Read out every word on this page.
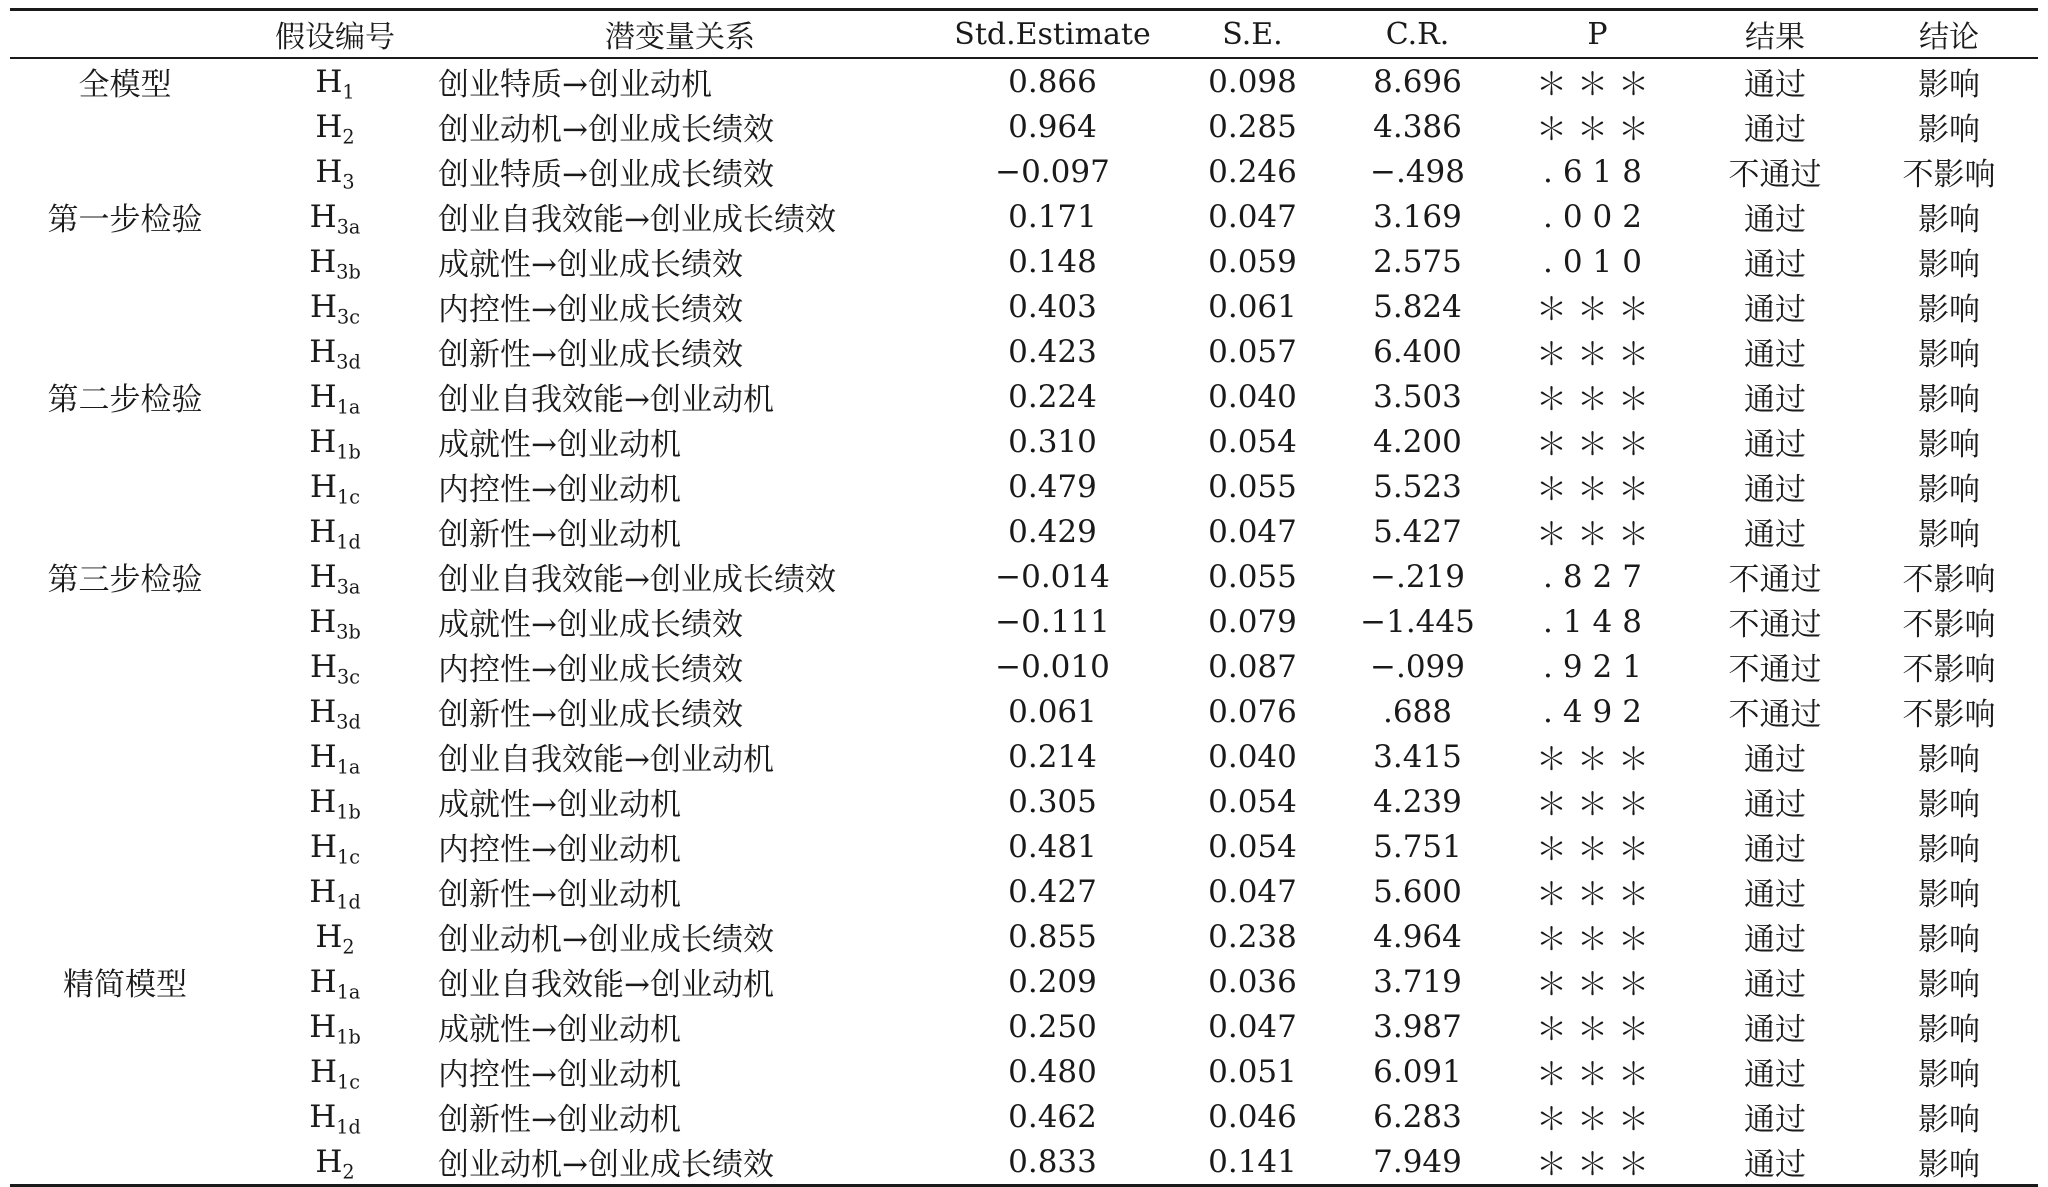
	假设编号	潜变量关系	Std.Estimate	S.E.	C.R.	P	结果	结论
全模型	$H_1$	创业特质→创业动机	0.866	0.098	8.696	＊＊＊	通过	影响
	$H_2$	创业动机→创业成长绩效	0.964	0.285	4.386	＊＊＊	通过	影响
	$H_3$	创业特质→创业成长绩效	−0.097	0.246	−.498	.618	不通过	不影响
第一步检验	$H_{3a}$	创业自我效能→创业成长绩效	0.171	0.047	3.169	.002	通过	影响
	$H_{3b}$	成就性→创业成长绩效	0.148	0.059	2.575	.010	通过	影响
	$H_{3c}$	内控性→创业成长绩效	0.403	0.061	5.824	＊＊＊	通过	影响
	$H_{3d}$	创新性→创业成长绩效	0.423	0.057	6.400	＊＊＊	通过	影响
第二步检验	$H_{1a}$	创业自我效能→创业动机	0.224	0.040	3.503	＊＊＊	通过	影响
	$H_{1b}$	成就性→创业动机	0.310	0.054	4.200	＊＊＊	通过	影响
	$H_{1c}$	内控性→创业动机	0.479	0.055	5.523	＊＊＊	通过	影响
	$H_{1d}$	创新性→创业动机	0.429	0.047	5.427	＊＊＊	通过	影响
第三步检验	$H_{3a}$	创业自我效能→创业成长绩效	−0.014	0.055	−.219	.827	不通过	不影响
	$H_{3b}$	成就性→创业成长绩效	−0.111	0.079	−1.445	.148	不通过	不影响
	$H_{3c}$	内控性→创业成长绩效	−0.010	0.087	−.099	.921	不通过	不影响
	$H_{3d}$	创新性→创业成长绩效	0.061	0.076	.688	.492	不通过	不影响
	$H_{1a}$	创业自我效能→创业动机	0.214	0.040	3.415	＊＊＊	通过	影响
	$H_{1b}$	成就性→创业动机	0.305	0.054	4.239	＊＊＊	通过	影响
	$H_{1c}$	内控性→创业动机	0.481	0.054	5.751	＊＊＊	通过	影响
	$H_{1d}$	创新性→创业动机	0.427	0.047	5.600	＊＊＊	通过	影响
	$H_2$	创业动机→创业成长绩效	0.855	0.238	4.964	＊＊＊	通过	影响
精简模型	$H_{1a}$	创业自我效能→创业动机	0.209	0.036	3.719	＊＊＊	通过	影响
	$H_{1b}$	成就性→创业动机	0.250	0.047	3.987	＊＊＊	通过	影响
	$H_{1c}$	内控性→创业动机	0.480	0.051	6.091	＊＊＊	通过	影响
	$H_{1d}$	创新性→创业动机	0.462	0.046	6.283	＊＊＊	通过	影响
	$H_2$	创业动机→创业成长绩效	0.833	0.141	7.949	＊＊＊	通过	影响
